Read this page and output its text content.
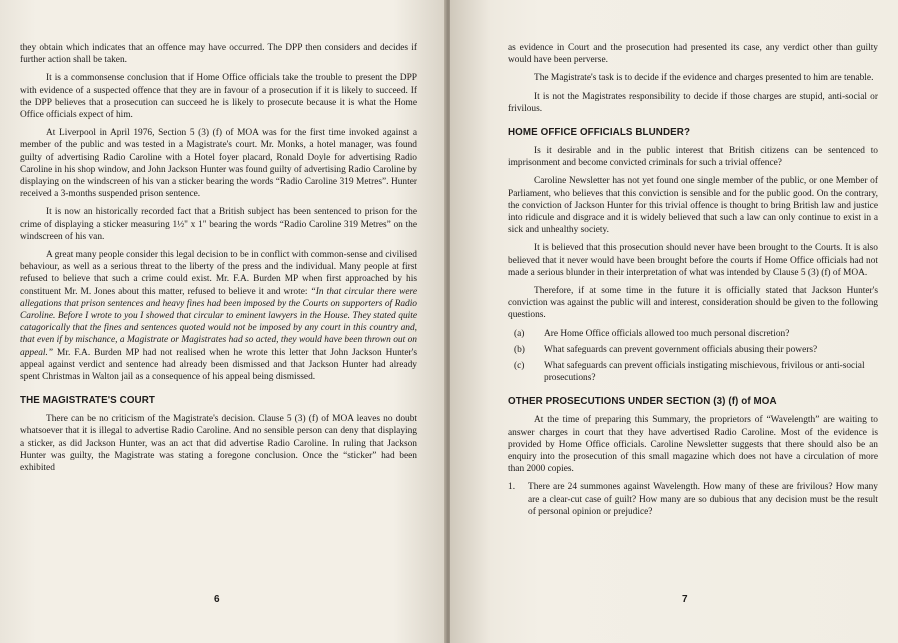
they obtain which indicates that an offence may have occurred. The DPP then considers and decides if further action shall be taken.

It is a commonsense conclusion that if Home Office officials take the trouble to present the DPP with evidence of a suspected offence that they are in favour of a prosecution if it is likely to succeed. If the DPP believes that a prosecution can succeed he is likely to prosecute because it is what the Home Office officials expect of him.

At Liverpool in April 1976, Section 5 (3) (f) of MOA was for the first time invoked against a member of the public and was tested in a Magistrate's court. Mr. Monks, a hotel manager, was found guilty of advertising Radio Caroline with a Hotel foyer placard, Ronald Doyle for advertising Radio Caroline in his shop window, and John Jackson Hunter was found guilty of advertising Radio Caroline by displaying on the windscreen of his van a sticker bearing the words “Radio Caroline 319 Metres”. Hunter received a 3-months suspended prison sentence.

It is now an historically recorded fact that a British subject has been sentenced to prison for the crime of displaying a sticker measuring 1½" x 1" bearing the words “Radio Caroline 319 Metres” on the windscreen of his van.

A great many people consider this legal decision to be in conflict with common-sense and civilised behaviour, as well as a serious threat to the liberty of the press and the individual. Many people at first refused to believe that such a crime could exist. Mr. F.A. Burden MP when first approached by his constituent Mr. M. Jones about this matter, refused to believe it and wrote: “In that circular there were allegations that prison sentences and heavy fines had been imposed by the Courts on supporters of Radio Caroline. Before I wrote to you I showed that circular to eminent lawyers in the House. They stated quite catagorically that the fines and sentences quoted would not be imposed by any court in this country and, that even if by mischance, a Magistrate or Magistrates had so acted, they would have been thrown out on appeal.” Mr. F.A. Burden MP had not realised when he wrote this letter that John Jackson Hunter's appeal against verdict and sentence had already been dismissed and that Jackson Hunter had already spent Christmas in Walton jail as a consequence of his appeal being dismissed.

THE MAGISTRATE'S COURT

There can be no criticism of the Magistrate's decision. Clause 5 (3) (f) of MOA leaves no doubt whatsoever that it is illegal to advertise Radio Caroline. And no sensible person can deny that displaying a sticker, as did Jackson Hunter, was an act that did advertise Radio Caroline. In ruling that Jackson Hunter was guilty, the Magistrate was stating a foregone conclusion. Once the “sticker” had been exhibited

6

as evidence in Court and the prosecution had presented its case, any verdict other than guilty would have been perverse.

The Magistrate's task is to decide if the evidence and charges presented to him are tenable.

It is not the Magistrates responsibility to decide if those charges are stupid, anti-social or frivilous.

HOME OFFICE OFFICIALS BLUNDER?

Is it desirable and in the public interest that British citizens can be sentenced to imprisonment and become convicted criminals for such a trivial offence?

Caroline Newsletter has not yet found one single member of the public, or one Member of Parliament, who believes that this conviction is sensible and for the public good. On the contrary, the conviction of Jackson Hunter for this trivial offence is thought to bring British law and justice into ridicule and disgrace and it is widely believed that such a law can only continue to exist in a sick and unhealthy society.

It is believed that this prosecution should never have been brought to the Courts. It is also believed that it never would have been brought before the courts if Home Office officials had not made a serious blunder in their interpretation of what was intended by Clause 5 (3) (f) of MOA.

Therefore, if at some time in the future it is officially stated that Jackson Hunter's conviction was against the public will and interest, consideration should be given to the following questions.

(a)	Are Home Office officials allowed too much personal discretion?
(b)	What safeguards can prevent government officials abusing their powers?
(c)	What safeguards can prevent officials instigating mischievous, frivilous or anti-social prosecutions?
OTHER PROSECUTIONS UNDER SECTION (3) (f) of MOA

At the time of preparing this Summary, the proprietors of “Wavelength” are waiting to answer charges in court that they have advertised Radio Caroline. Most of the evidence is provided by Home Office officials. Caroline Newsletter suggests that there should also be an enquiry into the prosecution of this small magazine which does not have a circulation of more than 2000 copies.

1.	There are 24 summones against Wavelength. How many of these are frivilous? How many are a clear-cut case of guilt? How many are so dubious that any decision must be the result of personal opinion or prejudice?
7
